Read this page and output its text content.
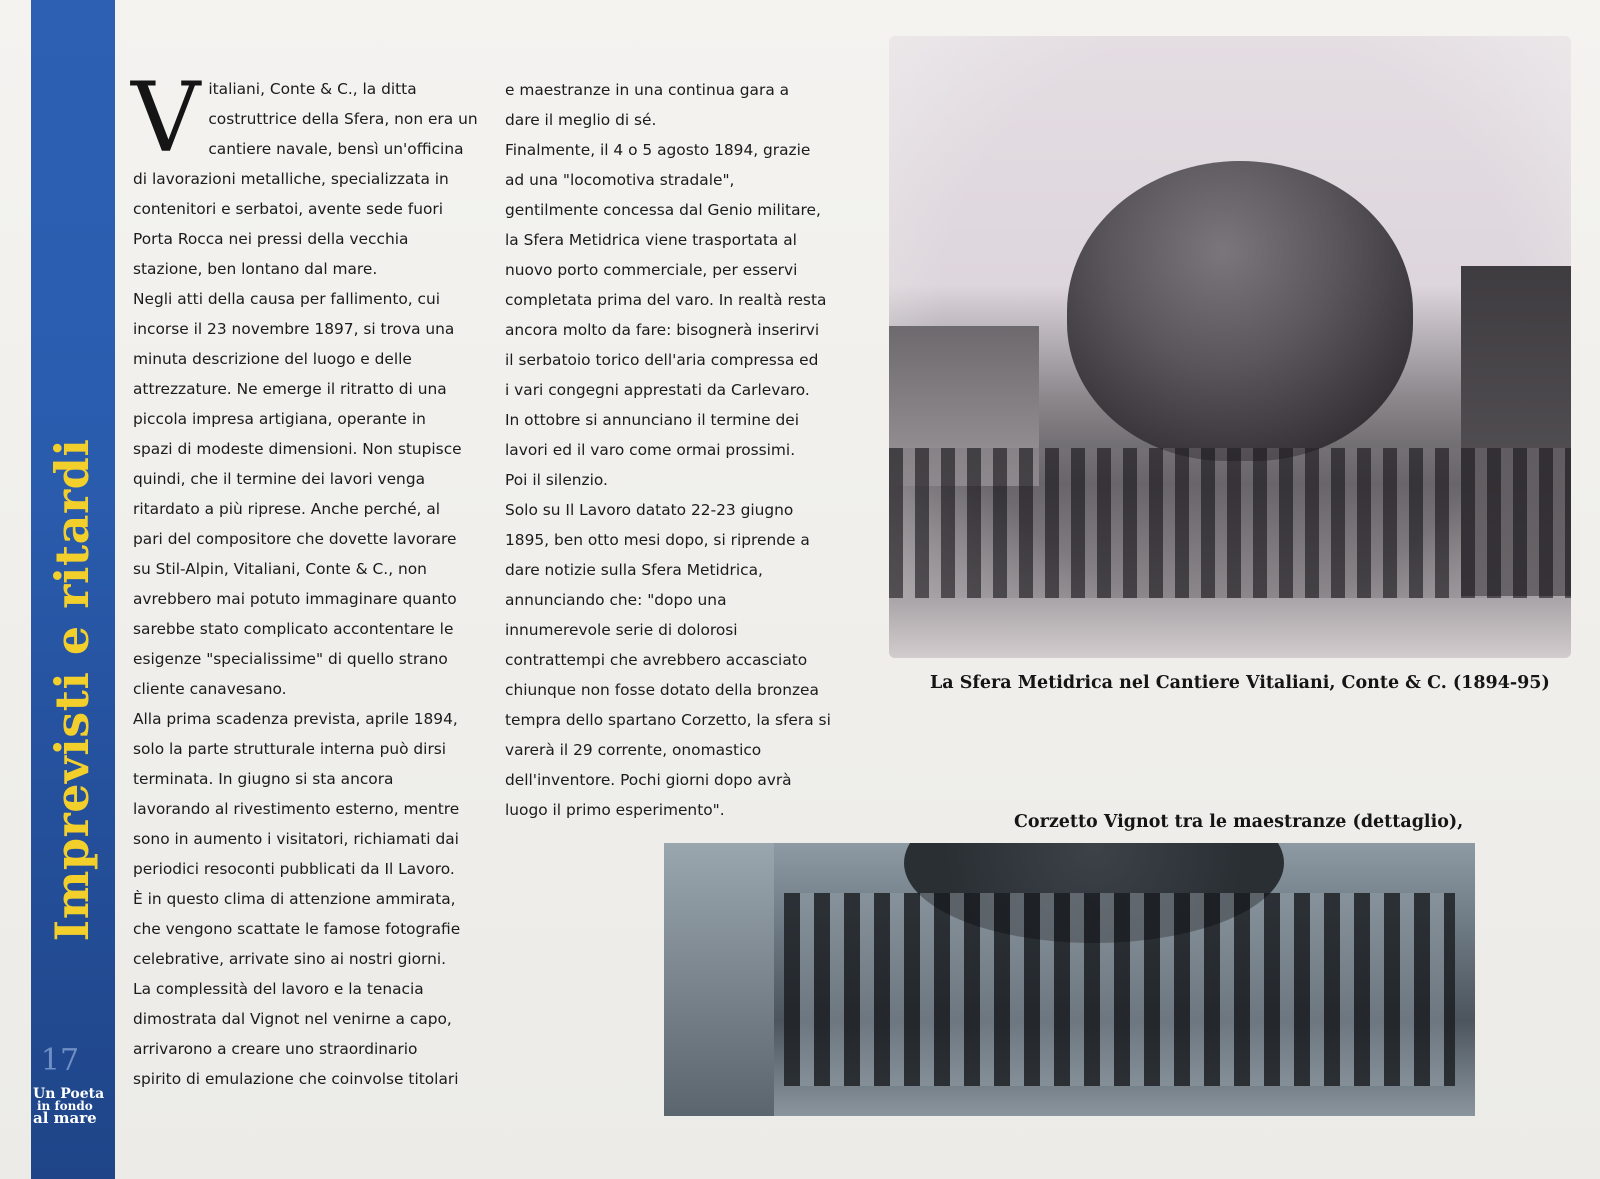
Imprevisti e ritardi
17
Un Poeta
in fondo
al mare
V italiani, Conte & C., la ditta

costruttrice della Sfera, non era un

cantiere navale, bensì un'officina

di lavorazioni metalliche, specializzata in

contenitori e serbatoi, avente sede fuori

Porta Rocca nei pressi della vecchia

stazione, ben lontano dal mare.

Negli atti della causa per fallimento, cui

incorse il 23 novembre 1897, si trova una

minuta descrizione del luogo e delle

attrezzature. Ne emerge il ritratto di una

piccola impresa artigiana, operante in

spazi di modeste dimensioni. Non stupisce

quindi, che il termine dei lavori venga

ritardato a più riprese. Anche perché, al

pari del compositore che dovette lavorare

su Stil-Alpin, Vitaliani, Conte & C., non

avrebbero mai potuto immaginare quanto

sarebbe stato complicato accontentare le

esigenze "specialissime" di quello strano

cliente canavesano.

Alla prima scadenza prevista, aprile 1894,

solo la parte strutturale interna può dirsi

terminata. In giugno si sta ancora

lavorando al rivestimento esterno, mentre

sono in aumento i visitatori, richiamati dai

periodici resoconti pubblicati da Il Lavoro.

È in questo clima di attenzione ammirata,

che vengono scattate le famose fotografie

celebrative, arrivate sino ai nostri giorni.

La complessità del lavoro e la tenacia

dimostrata dal Vignot nel venirne a capo,

arrivarono a creare uno straordinario

spirito di emulazione che coinvolse titolari

e maestranze in una continua gara a

dare il meglio di sé.

Finalmente, il 4 o 5 agosto 1894, grazie

ad una "locomotiva stradale",

gentilmente concessa dal Genio militare,

la Sfera Metidrica viene trasportata al

nuovo porto commerciale, per esservi

completata prima del varo. In realtà resta

ancora molto da fare: bisognerà inserirvi

il serbatoio torico dell'aria compressa ed

i vari congegni apprestati da Carlevaro.

In ottobre si annunciano il termine dei

lavori ed il varo come ormai prossimi.

Poi il silenzio.

Solo su Il Lavoro datato 22-23 giugno

1895, ben otto mesi dopo, si riprende a

dare notizie sulla Sfera Metidrica,

annunciando che: "dopo una

innumerevole serie di dolorosi

contrattempi che avrebbero accasciato

chiunque non fosse dotato della bronzea

tempra dello spartano Corzetto, la sfera si

varerà il 29 corrente, onomastico

dell'inventore. Pochi giorni dopo avrà

luogo il primo esperimento".

La Sfera Metidrica nel Cantiere Vitaliani, Conte & C. (1894-95)
Corzetto Vignot tra le maestranze (dettaglio),
